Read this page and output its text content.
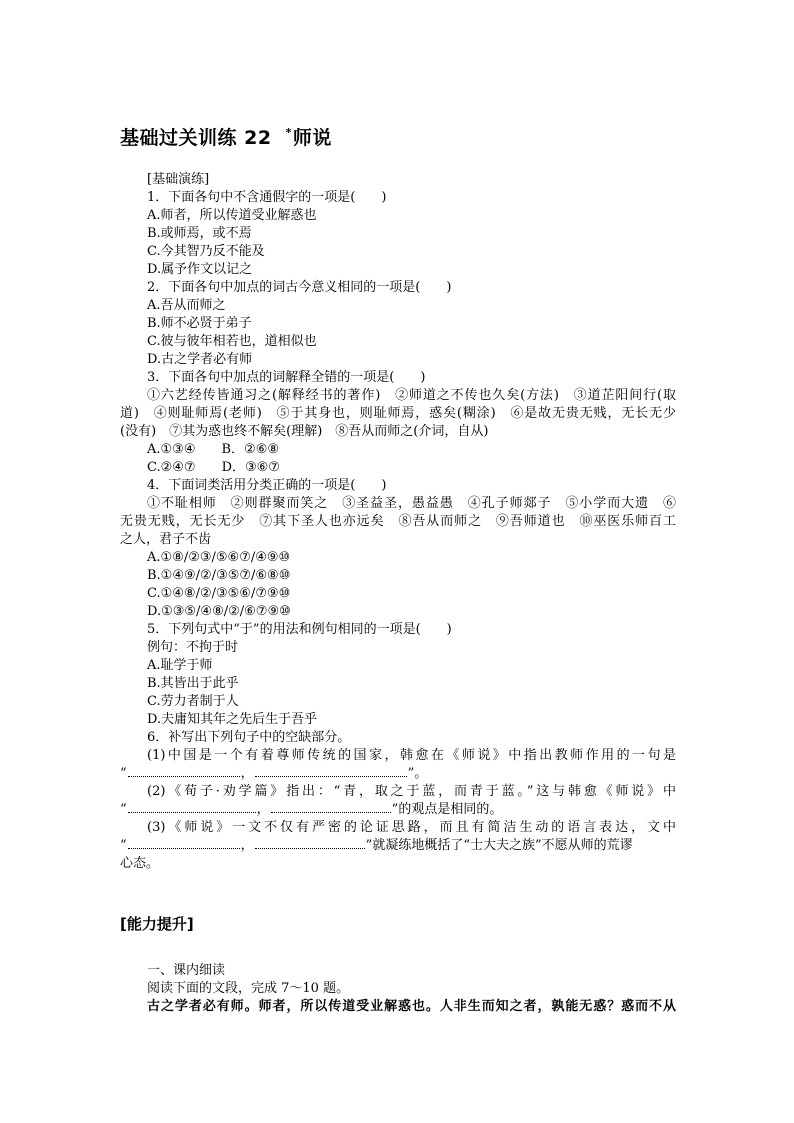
基础过关训练 22 *师说
[基础演练]
1．下面各句中不含通假字的一项是(　　)
A.师者，所以传道受业解惑也
B.或师焉，或不焉
C.今其智乃反不能及
D.属予作文以记之
2．下面各句中加点的词古今意义相同的一项是(　　)
A.吾从而师之
B.师不必贤于弟子
C.彼与彼年相若也，道相似也
D.古之学者必有师
3．下面各句中加点的词解释全错的一项是(　　)
①六艺经传皆通习之(解释经书的著作)　②师道之不传也久矣(方法)　③道芷阳间行(取
道)　④则耻师焉(老师)　⑤于其身也，则耻师焉，惑矣(糊涂)　⑥是故无贵无贱，无长无少
(没有)　⑦其为惑也终不解矣(理解)　⑧吾从而师之(介词，自从)
A.①③④　　B．②⑥⑧
C.②④⑦　　D．③⑥⑦
4．下面词类活用分类正确的一项是(　　)
①不耻相师　②则群聚而笑之　③圣益圣，愚益愚　④孔子师郯子　⑤小学而大遗　⑥
无贵无贱，无长无少　⑦其下圣人也亦远矣　⑧吾从而师之　⑨吾师道也　⑩巫医乐师百工
之人，君子不齿
A.①⑧/②③/⑤⑥⑦/④⑨⑩
B.①④⑨/②/③⑤⑦/⑥⑧⑩
C.①④⑧/②/③⑤⑥/⑦⑨⑩
D.①③⑤/④⑧/②/⑥⑦⑨⑩
5．下列句式中“于”的用法和例句相同的一项是(　　)
例句：不拘于时
A.耻学于师
B.其皆出于此乎
C.劳力者制于人
D.夫庸知其年之先后生于吾乎
6．补写出下列句子中的空缺部分。
(1)中国是一个有着尊师传统的国家，韩愈在《师说》中指出教师作用的一句是
“	，	”。
(2)《荀子·劝学篇》指出：“青，取之于蓝，而青于蓝。”这与韩愈《师说》中
“	，	”的观点是相同的。
(3)《师说》一文不仅有严密的论证思路，而且有简洁生动的语言表达，文中
“	，	”就凝练地概括了“士大夫之族”不愿从师的荒谬
心态。
[能力提升]
一、课内细读
阅读下面的文段，完成 7～10 题。
古之学者必有师。师者，所以传道受业解惑也。人非生而知之者，孰能无惑？惑而不从
